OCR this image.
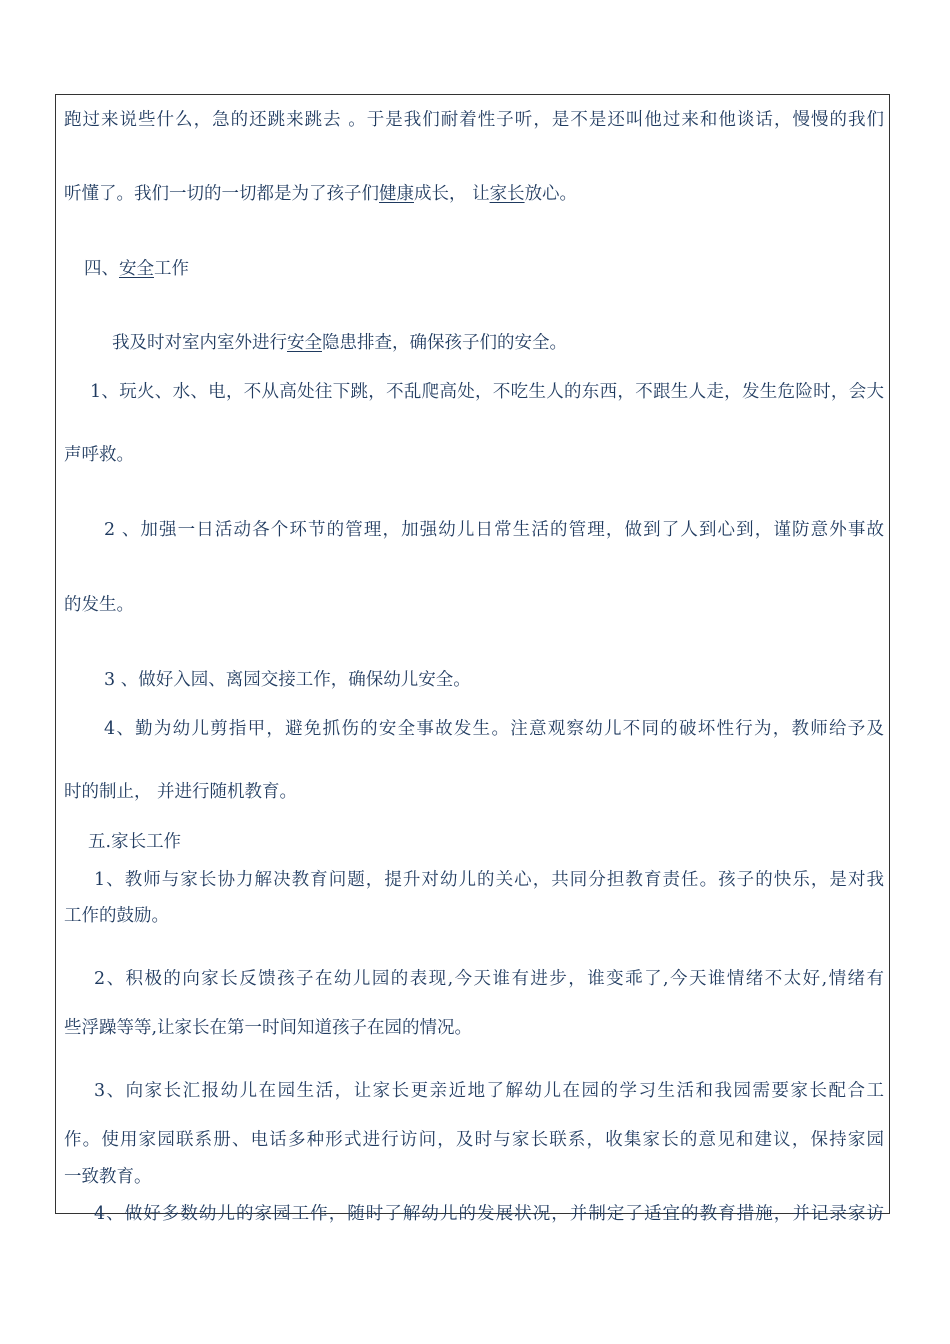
跑过来说些什么，急的还跳来跳去 。于是我们耐着性子听，是不是还叫他过来和他谈话，慢慢的我们
听懂了。我们一切的一切都是为了孩子们健康成长， 让家长放心。
四、安全工作
我及时对室内室外进行安全隐患排查，确保孩子们的安全。
1、玩火、水、电，不从高处往下跳，不乱爬高处，不吃生人的东西，不跟生人走，发生危险时，会大
声呼救。
2 、加强一日活动各个环节的管理，加强幼儿日常生活的管理，做到了人到心到，谨防意外事故
的发生。
3 、做好入园、离园交接工作，确保幼儿安全。
4、勤为幼儿剪指甲，避免抓伤的安全事故发生。注意观察幼儿不同的破坏性行为，教师给予及
时的制止， 并进行随机教育。
五.家长工作
1、教师与家长协力解决教育问题，提升对幼儿的关心，共同分担教育责任。孩子的快乐，是对我
工作的鼓励。
2、积极的向家长反馈孩子在幼儿园的表现,今天谁有进步，谁变乖了,今天谁情绪不太好,情绪有
些浮躁等等,让家长在第一时间知道孩子在园的情况。
3、向家长汇报幼儿在园生活，让家长更亲近地了解幼儿在园的学习生活和我园需要家长配合工
作。使用家园联系册、电话多种形式进行访问，及时与家长联系，收集家长的意见和建议，保持家园
一致教育。
4、做好多数幼儿的家园工作，随时了解幼儿的发展状况，并制定了适宜的教育措施，并记录家访
